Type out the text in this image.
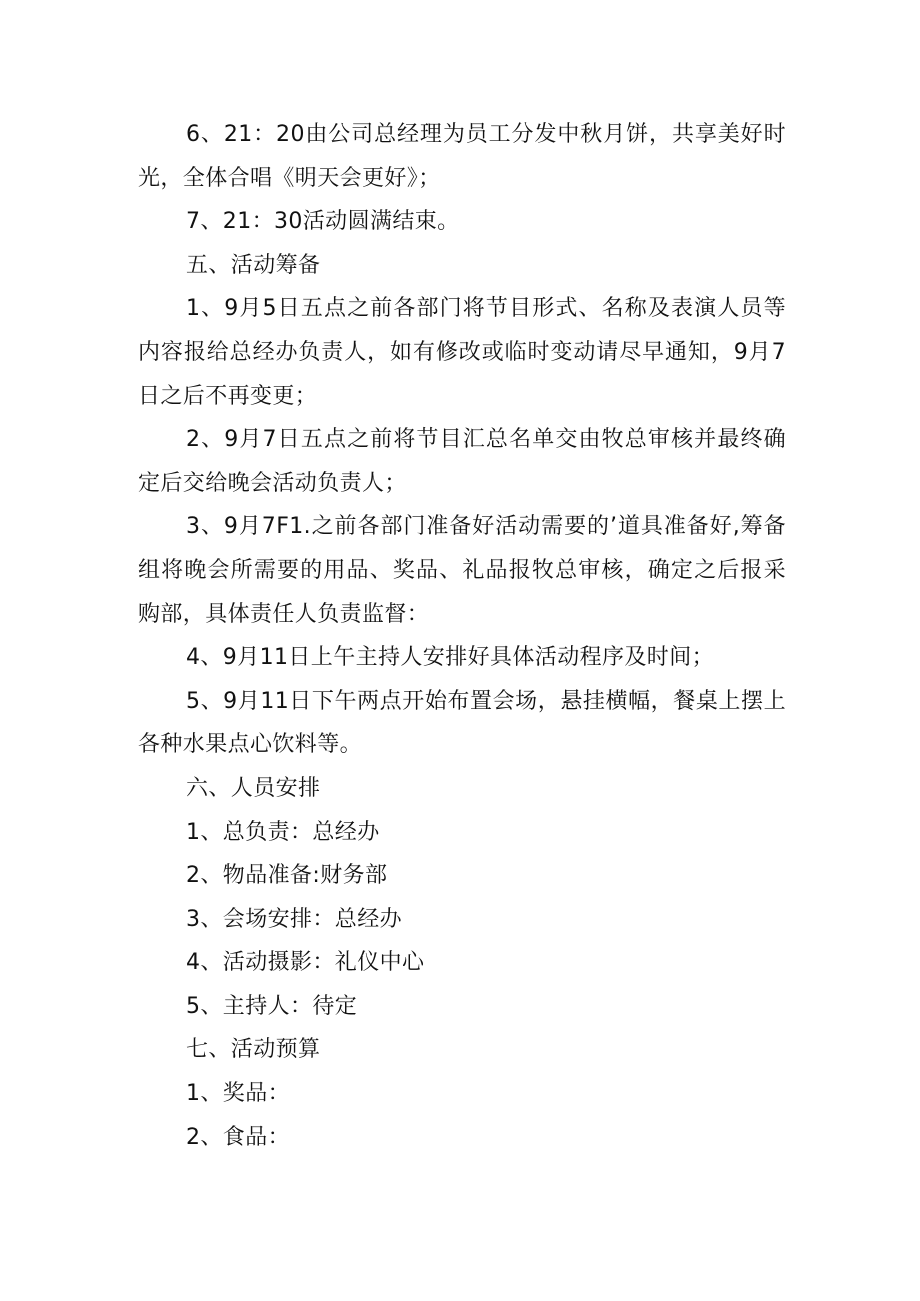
6、21：20由公司总经理为员工分发中秋月饼，共享美好时光，全体合唱《明天会更好》；

7、21：30活动圆满结束。

五、活动筹备

1、9月5日五点之前各部门将节目形式、名称及表演人员等内容报给总经办负责人，如有修改或临时变动请尽早通知，9月7日之后不再变更；

2、9月7日五点之前将节目汇总名单交由牧总审核并最终确定后交给晚会活动负责人；

3、9月7F1.之前各部门准备好活动需要的’道具准备好,筹备组将晚会所需要的用品、奖品、礼品报牧总审核，确定之后报采购部，具体责任人负责监督：

4、9月11日上午主持人安排好具体活动程序及时间；

5、9月11日下午两点开始布置会场，悬挂横幅，餐桌上摆上各种水果点心饮料等。

六、人员安排

1、总负责：总经办

2、物品准备:财务部

3、会场安排：总经办

4、活动摄影：礼仪中心

5、主持人：待定

七、活动预算

1、奖品：

2、食品：
